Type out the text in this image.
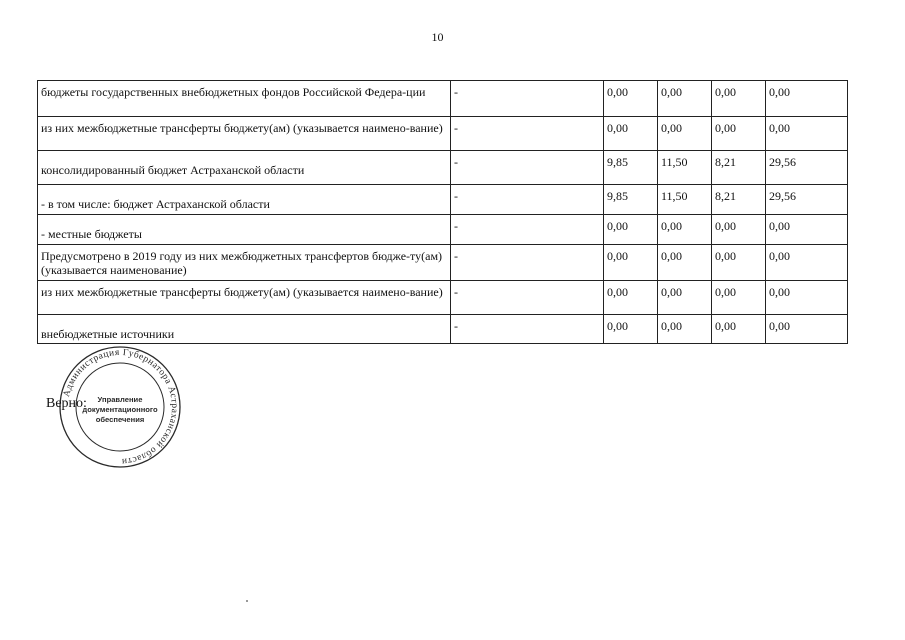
10
бюджеты государственных внебюджетных фондов Российской Федера-ции	-	0,00	0,00	0,00	0,00

из них межбюджетные трансферты бюджету(ам) (указывается наимено-вание)	-	0,00	0,00	0,00	0,00

консолидированный бюджет Астраханской области	-	9,85	11,50	8,21	29,56

- в том числе: бюджет Астраханской области	-	9,85	11,50	8,21	29,56

- местные бюджеты	-	0,00	0,00	0,00	0,00

Предусмотрено в 2019 году из них межбюджетных трансфертов бюдже-ту(ам) (указывается наименование)	-	0,00	0,00	0,00	0,00

из них межбюджетные трансферты бюджету(ам) (указывается наимено-вание)	-	0,00	0,00	0,00	0,00

внебюджетные источники	-	0,00	0,00	0,00	0,00
Администрация Губернатора Астраханской области
Управление
документационного
обеспечения
Верно:
